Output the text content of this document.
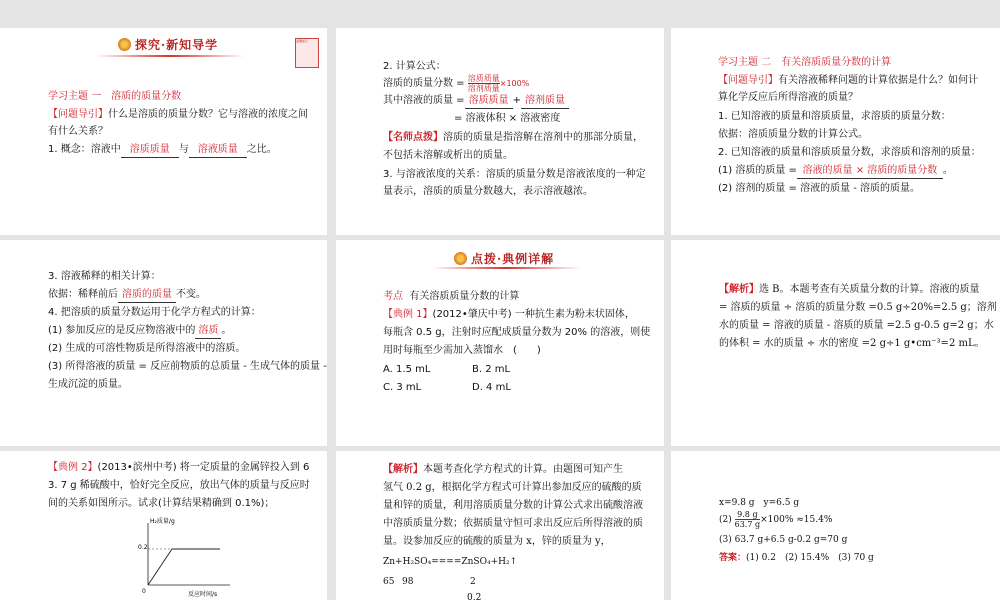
探究·新知导学	温馨提示
学习主题 一　溶质的质量分数
【问题导引】什么是溶质的质量分数？它与溶液的浓度之间
有什么关系？
1. 概念：溶液中 溶质质量 与 溶液质量 之比。
2. 计算公式：
溶质的质量分数 = $\frac{\text{溶质质量}}{\text{溶剂质量}} \times 100\%$
其中溶液的质量 = 溶质质量 + 溶剂质量
= 溶液体积 × 溶液密度
【名师点拨】溶质的质量是指溶解在溶剂中的那部分质量，
不包括未溶解或析出的质量。
3. 与溶液浓度的关系：溶质的质量分数是溶液浓度的一种定
量表示，溶质的质量分数越大，表示溶液越浓。
学习主题 二　有关溶质质量分数的计算
【问题导引】有关溶液稀释问题的计算依据是什么？如何计
算化学反应后所得溶液的质量？
1. 已知溶液的质量和溶质质量，求溶质的质量分数：
依据：溶质质量分数的计算公式。
2. 已知溶液的质量和溶质质量分数，求溶质和溶剂的质量：
(1) 溶质的质量 = 溶液的质量 × 溶质的质量分数 。
(2) 溶剂的质量 = 溶液的质量 - 溶质的质量。
3. 溶液稀释的相关计算：
依据：稀释前后 溶质的质量 不变。
4. 把溶质的质量分数运用于化学方程式的计算：
(1) 参加反应的是反应物溶液中的 溶质 。
(2) 生成的可溶性物质是所得溶液中的溶质。
(3) 所得溶液的质量 = 反应前物质的总质量 - 生成气体的质量 -
生成沉淀的质量。
点拨·典例详解
考点 有关溶质质量分数的计算
【典例 1】(2012•肇庆中考) 一种抗生素为粉末状固体，
每瓶含 0.5 g，注射时应配成质量分数为 20% 的溶液，则使
用时每瓶至少需加入蒸馏水　(　　)
A. 1.5 mL	B. 2 mL
C. 3 mL	D. 4 mL
【解析】选 B。本题考查有关质量分数的计算。溶液的质量
= 溶质的质量 ÷ 溶质的质量分数 =0.5 g÷20%=2.5 g；溶剂
水的质量 = 溶液的质量 - 溶质的质量 =2.5 g-0.5 g=2 g；水
的体积 = 水的质量 ÷ 水的密度 =2 g÷1 g•cm⁻³=2 mL。
【典例 2】(2013•滨州中考) 将一定质量的金属锌投入到 6
3. 7 g 稀硫酸中，恰好完全反应，放出气体的质量与反应时
间的关系如图所示。试求(计算结果精确到 0.1%)；
H₂质量/g
0.2
0	反应时间/s
【解析】本题考查化学方程式的计算。由题图可知产生
氢气 0.2 g，根据化学方程式可计算出参加反应的硫酸的质
量和锌的质量，利用溶质质量分数的计算公式求出硫酸溶液
中溶质质量分数；依据质量守恒可求出反应后所得溶液的质
量。设参加反应的硫酸的质量为 x，锌的质量为 y，
Zn+H₂SO₄====ZnSO₄+H₂↑
65 98	2
0.2
x=9.8 g　y=6.5 g
$(2) \frac{9.8 g}{63.7 g} \times 100\% \approx 15.4\%$
(3) 63.7 g+6.5 g-0.2 g=70 g
答案：(1) 0.2　(2) 15.4%　(3) 70 g
